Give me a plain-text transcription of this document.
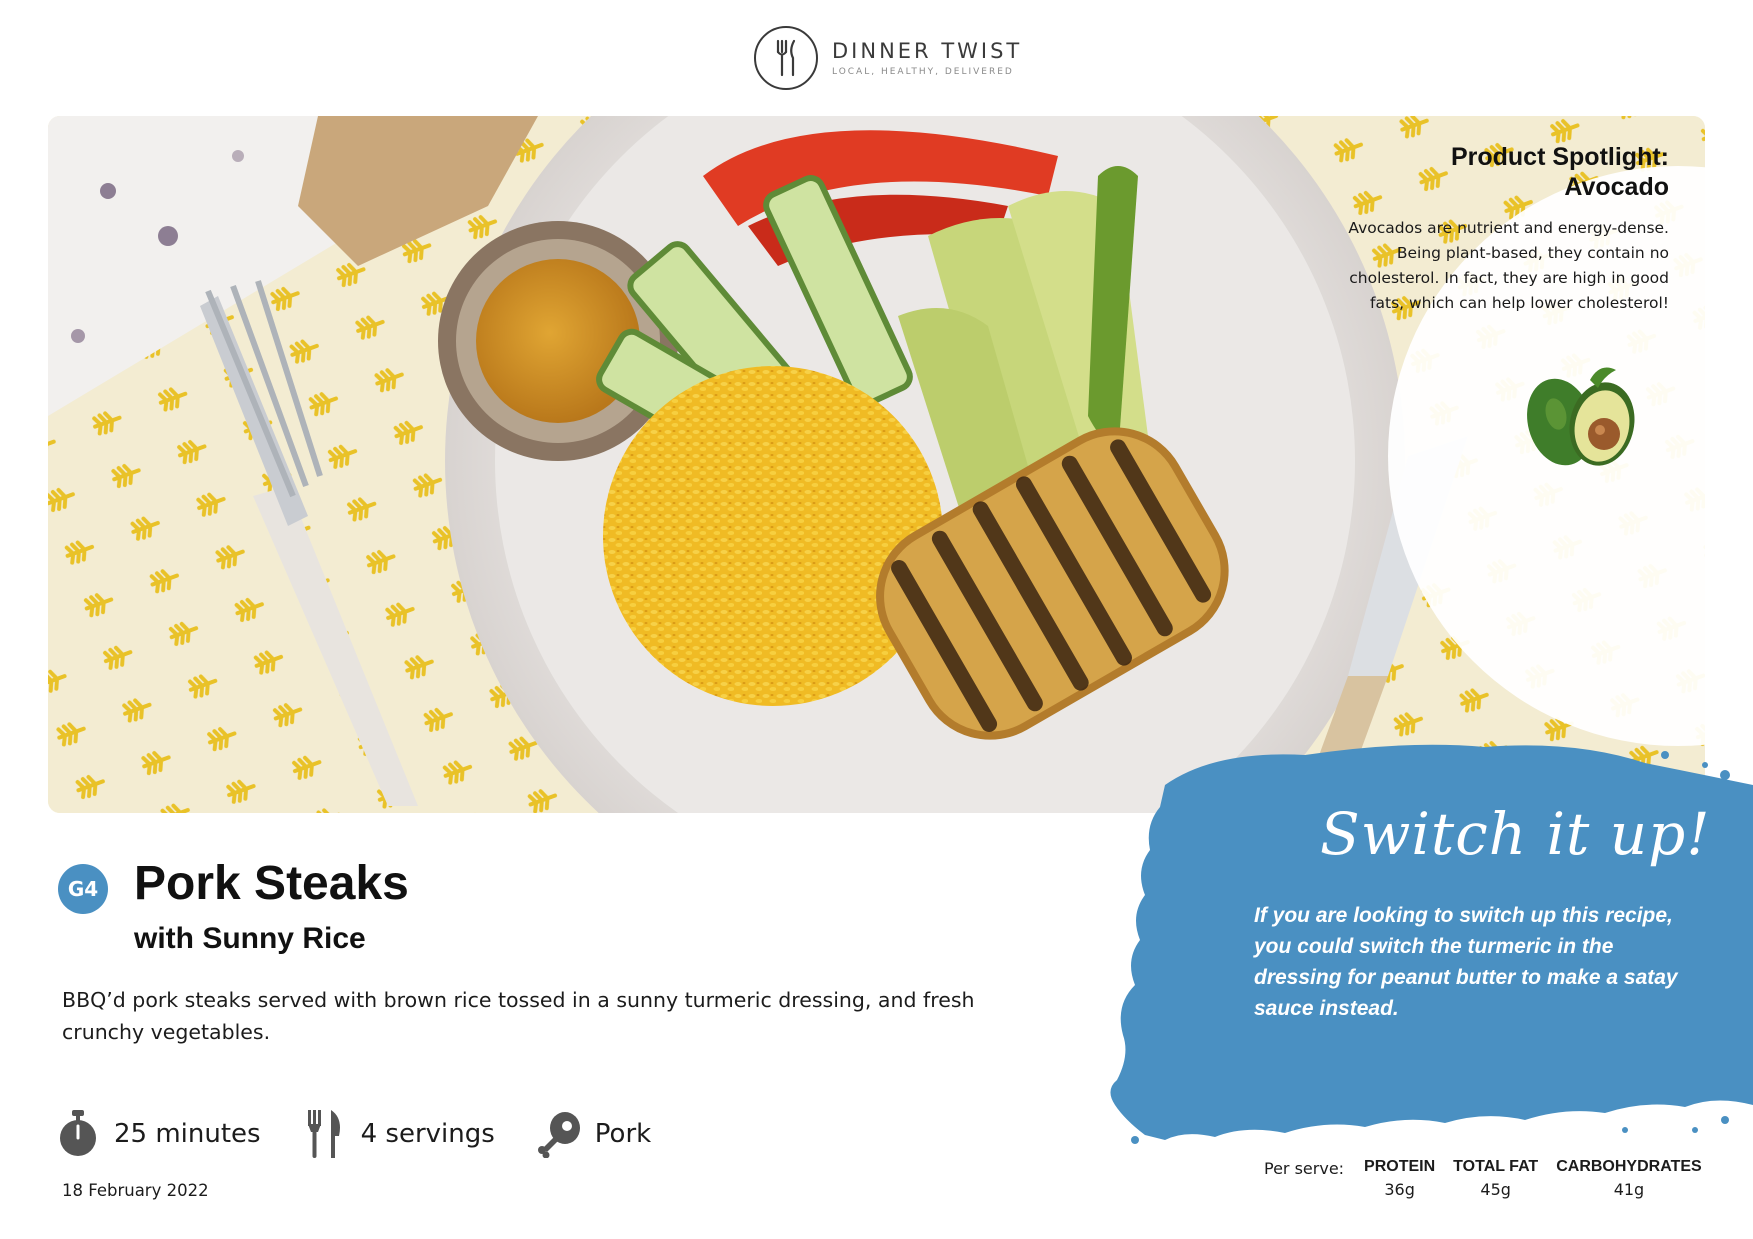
DINNER TWIST
LOCAL, HEALTHY, DELIVERED
Product Spotlight:
Avocado
Avocados are nutrient and energy-dense. Being plant-based, they contain no cholesterol. In fact, they are high in good fats, which can help lower cholesterol!
G4 Pork Steaks
with Sunny Rice
BBQ’d pork steaks served with brown rice tossed in a sunny turmeric dressing, and fresh crunchy vegetables.
25 minutes	4 servings	Pork
18 February 2022
Switch it up!
If you are looking to switch up this recipe, you could switch the turmeric in the dressing for peanut butter to make a satay sauce instead.
Per serve: PROTEIN
36g
TOTAL FAT
45g
CARBOHYDRATES
41g
